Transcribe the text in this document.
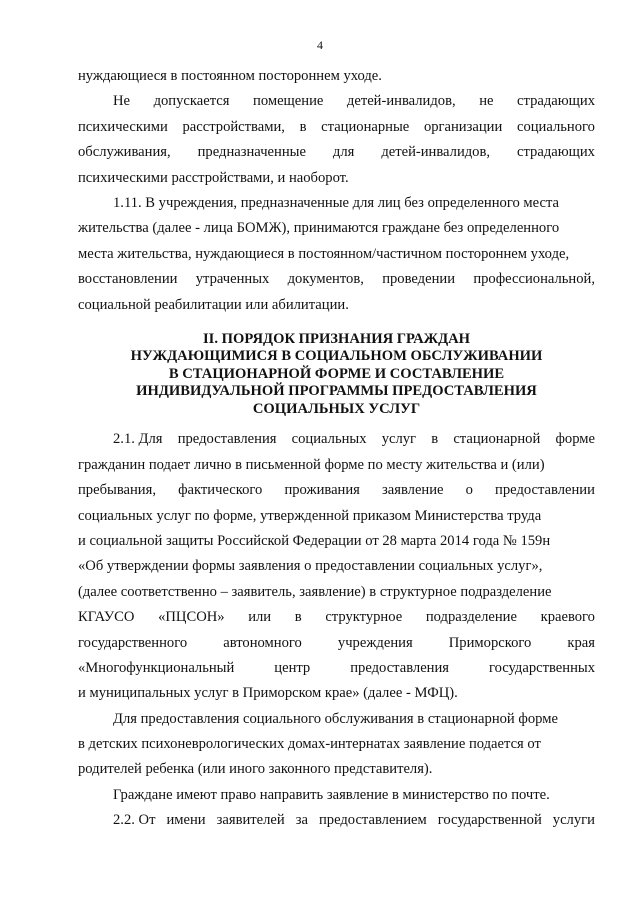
4
нуждающиеся в постоянном постороннем уходе.
Не допускается помещение детей-инвалидов, не страдающих
психическими расстройствами, в стационарные организации социального
обслуживания, предназначенные для детей-инвалидов, страдающих
психическими расстройствами, и наоборот.
1.11. В учреждения, предназначенные для лиц без определенного места
жительства (далее - лица БОМЖ), принимаются граждане без определенного
места жительства, нуждающиеся в постоянном/частичном постороннем уходе,
восстановлении утраченных документов, проведении профессиональной,
социальной реабилитации или абилитации.
II. ПОРЯДОК ПРИЗНАНИЯ ГРАЖДАН
НУЖДАЮЩИМИСЯ В СОЦИАЛЬНОМ ОБСЛУЖИВАНИИ
В СТАЦИОНАРНОЙ ФОРМЕ И СОСТАВЛЕНИЕ
ИНДИВИДУАЛЬНОЙ ПРОГРАММЫ ПРЕДОСТАВЛЕНИЯ
СОЦИАЛЬНЫХ УСЛУГ
2.1. Для предоставления социальных услуг в стационарной форме
гражданин подает лично в письменной форме по месту жительства и (или)
пребывания, фактического проживания заявление о предоставлении
социальных услуг по форме, утвержденной приказом Министерства труда
и социальной защиты Российской Федерации от 28 марта 2014 года № 159н
«Об утверждении формы заявления о предоставлении социальных услуг»,
(далее соответственно – заявитель, заявление) в структурное подразделение
КГАУСО «ПЦСОН» или в структурное подразделение краевого
государственного автономного учреждения Приморского края
«Многофункциональный	центр	предоставления	государственных
и муниципальных услуг в Приморском крае» (далее - МФЦ).
Для предоставления социального обслуживания в стационарной форме
в детских психоневрологических домах-интернатах заявление подается от
родителей ребенка (или иного законного представителя).
Граждане имеют право направить заявление в министерство по почте.
2.2. От имени заявителей за предоставлением государственной услуги
